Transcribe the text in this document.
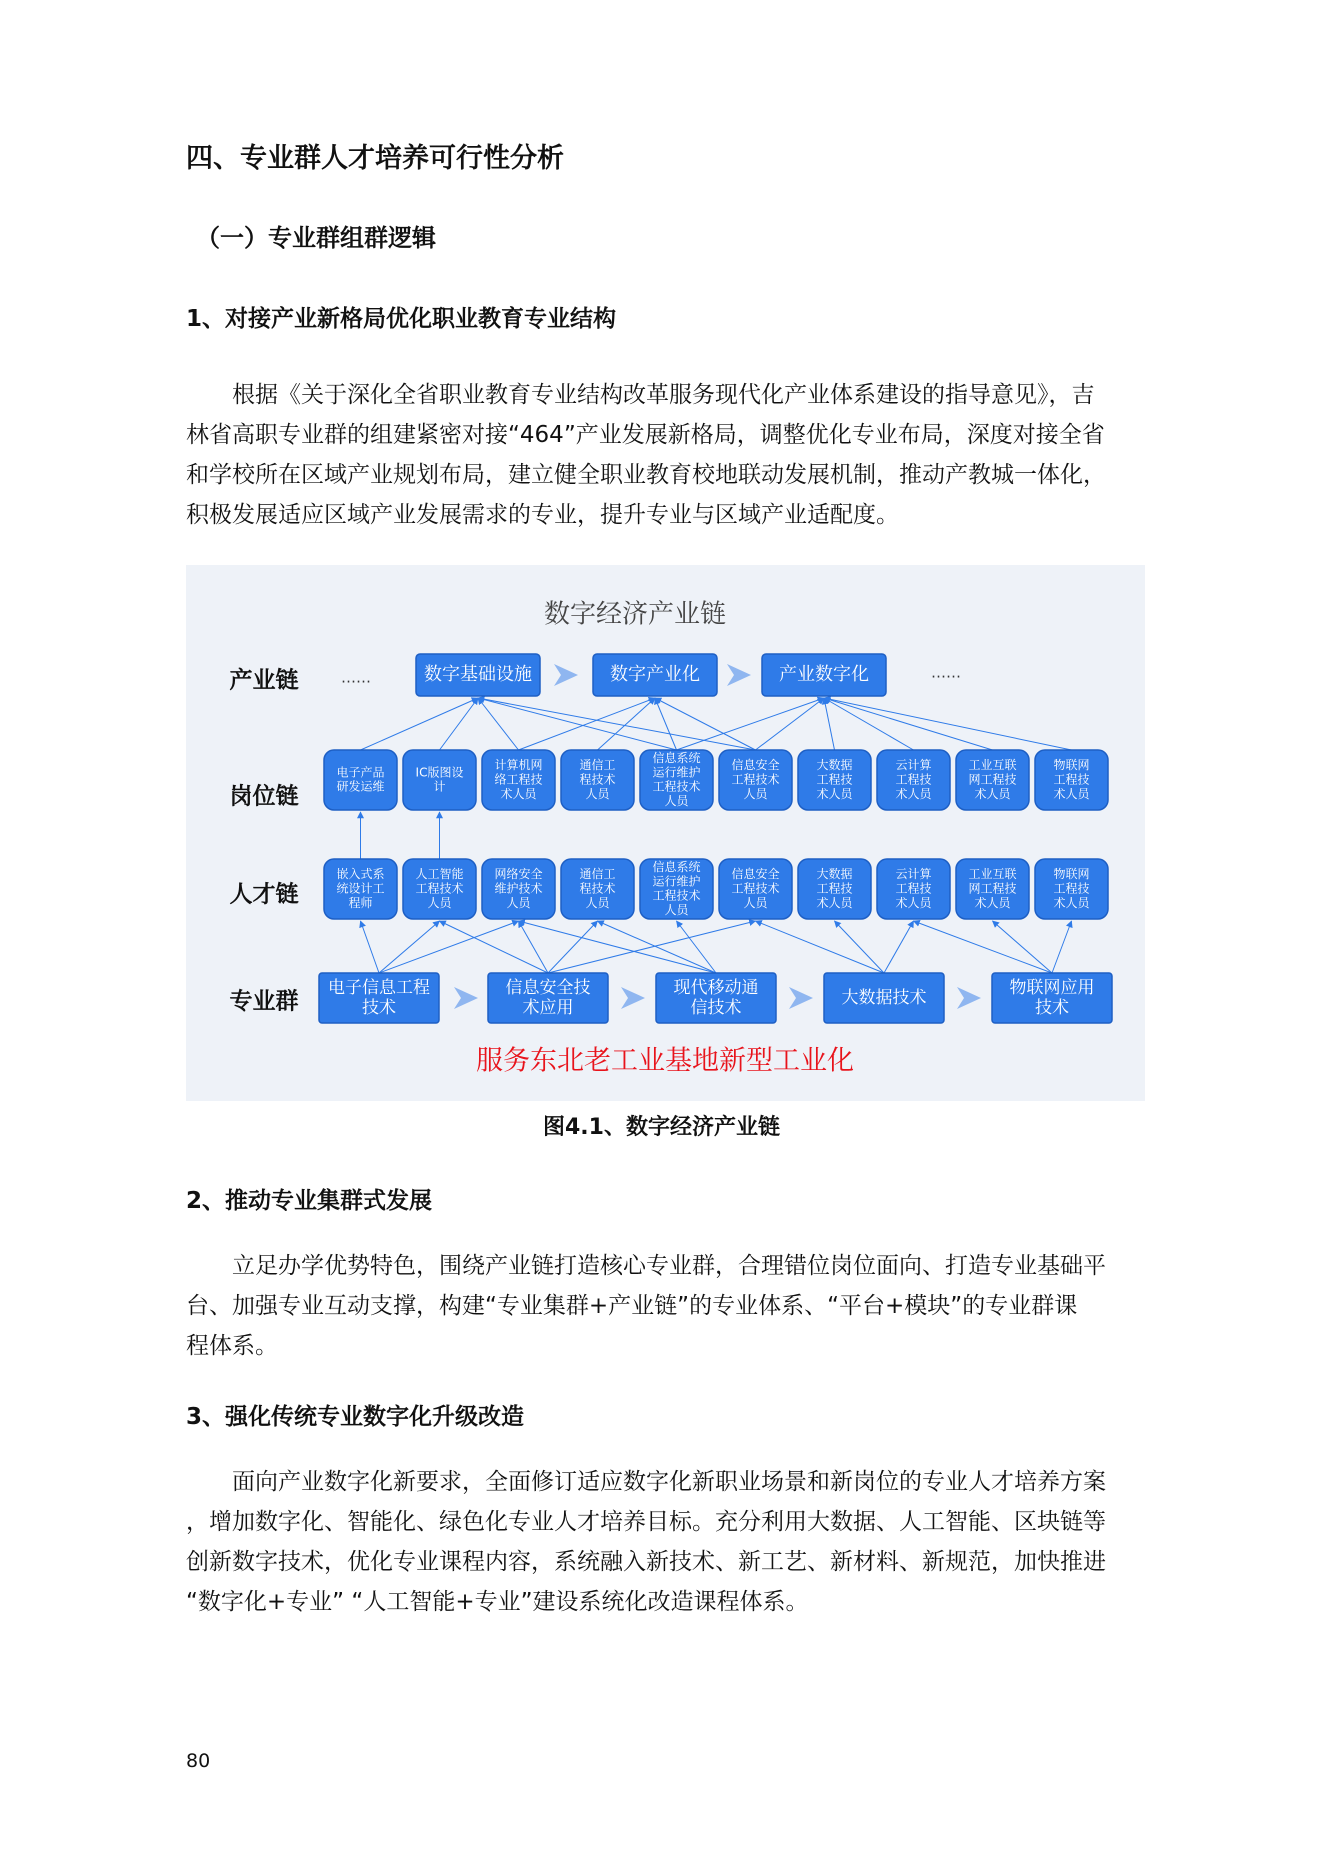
四、专业群人才培养可行性分析
（一）专业群组群逻辑
1、对接产业新格局优化职业教育专业结构

根据《关于深化全省职业教育专业结构改革服务现代化产业体系建设的指导意见》，吉
林省高职专业群的组建紧密对接“464”产业发展新格局，调整优化专业布局，深度对接全省
和学校所在区域产业规划布局，建立健全职业教育校地联动发展机制，推动产教城一体化，
积极发展适应区域产业发展需求的专业，提升专业与区域产业适配度。

数字经济产业链
产业链
岗位链
人才链
专业群
……	……
数字基础设施	数字产业化	产业数字化
电子产品
研发运维
IC版图设
计
计算机网
络工程技
术人员
通信工
程技术
人员
信息系统
运行维护
工程技术
人员
信息安全
工程技术
人员
大数据
工程技
术人员
云计算
工程技
术人员
工业互联
网工程技
术人员
物联网
工程技
术人员
嵌入式系
统设计工
程师
人工智能
工程技术
人员
网络安全
维护技术
人员
通信工
程技术
人员
信息系统
运行维护
工程技术
人员
信息安全
工程技术
人员
大数据
工程技
术人员
云计算
工程技
术人员
工业互联
网工程技
术人员
物联网
工程技
术人员
电子信息工程
技术
信息安全技
术应用
现代移动通
信技术
大数据技术
物联网应用
技术
服务东北老工业基地新型工业化
图4.1、数字经济产业链
2、推动专业集群式发展

立足办学优势特色，围绕产业链打造核心专业群，合理错位岗位面向、打造专业基础平
台、加强专业互动支撑，构建“专业集群+产业链”的专业体系、“平台+模块”的专业群课
程体系。

3、强化传统专业数字化升级改造

面向产业数字化新要求，全面修订适应数字化新职业场景和新岗位的专业人才培养方案
，增加数字化、智能化、绿色化专业人才培养目标。充分利用大数据、人工智能、区块链等
创新数字技术，优化专业课程内容，系统融入新技术、新工艺、新材料、新规范，加快推进
“数字化+专业” “人工智能+专业”建设系统化改造课程体系。

80
